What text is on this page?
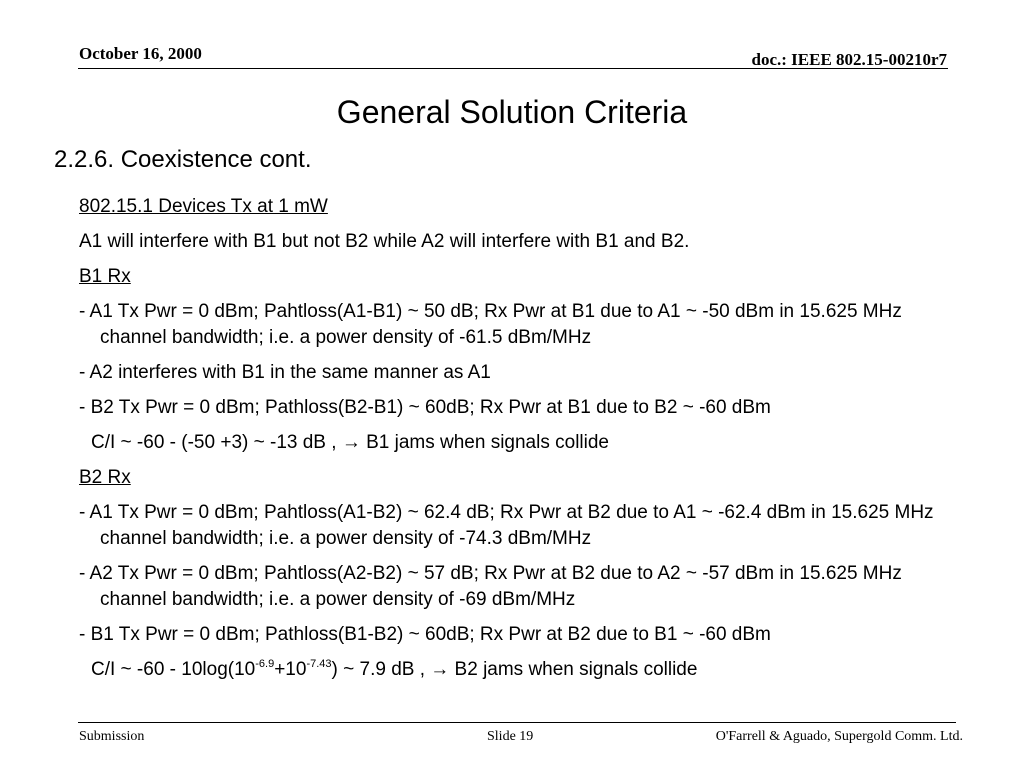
October 16, 2000	doc.: IEEE 802.15-00210r7
General Solution Criteria
2.2.6. Coexistence cont.

802.15.1 Devices Tx at 1 mW

A1 will interfere with B1 but not B2 while A2 will interfere with B1 and B2.

B1 Rx

- A1 Tx Pwr = 0 dBm; Pahtloss(A1-B1) ~ 50 dB; Rx Pwr at B1 due to A1 ~ -50 dBm in 15.625 MHz channel bandwidth; i.e. a power density of -61.5 dBm/MHz

- A2 interferes with B1 in the same manner as A1

- B2 Tx Pwr = 0 dBm; Pathloss(B2-B1) ~ 60dB; Rx Pwr at B1 due to B2 ~ -60 dBm

C/I ~ -60 - (-50 +3) ~ -13 dB , → B1 jams when signals collide

B2 Rx

- A1 Tx Pwr = 0 dBm; Pahtloss(A1-B2) ~ 62.4 dB; Rx Pwr at B2 due to A1 ~ -62.4 dBm in 15.625 MHz channel bandwidth; i.e. a power density of -74.3 dBm/MHz

- A2 Tx Pwr = 0 dBm; Pahtloss(A2-B2) ~ 57 dB; Rx Pwr at B2 due to A2 ~ -57 dBm in 15.625 MHz channel bandwidth; i.e. a power density of -69 dBm/MHz

- B1 Tx Pwr = 0 dBm; Pathloss(B1-B2) ~ 60dB; Rx Pwr at B2 due to B1 ~ -60 dBm

C/I ~ $-60 - 10\log(10^{-6.9}+10^{-7.43})$ ~ 7.9 dB , → B2 jams when signals collide

Submission	Slide 19	O'Farrell & Aguado, Supergold Comm. Ltd.
